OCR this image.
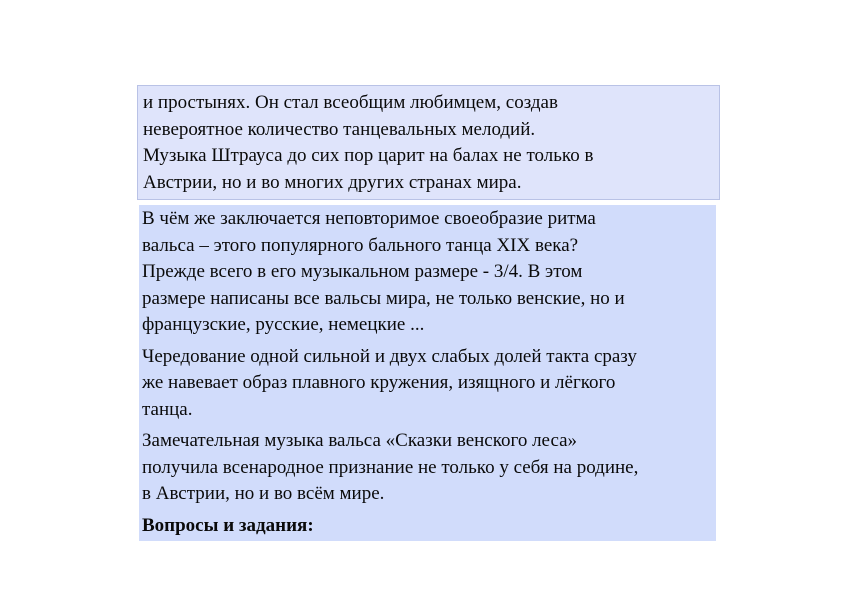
и простынях. Он стал всеобщим любимцем, создав
невероятное количество танцевальных мелодий.
Музыка Штрауса до сих пор царит на балах не только в
Австрии, но и во многих других странах мира.

В чём же заключается неповторимое своеобразие ритма
вальса – этого популярного бального танца XIX века?
Прежде всего в его музыкальном размере - 3/4. В этом
размере написаны все вальсы мира, не только венские, но и
французские, русские, немецкие ...

Чередование одной сильной и двух слабых долей такта сразу
же навевает образ плавного кружения, изящного и лёгкого
танца.

Замечательная музыка вальса «Сказки венского леса»
получила всенародное признание не только у себя на родине,
в Австрии, но и во всём мире.

Вопросы и задания:
